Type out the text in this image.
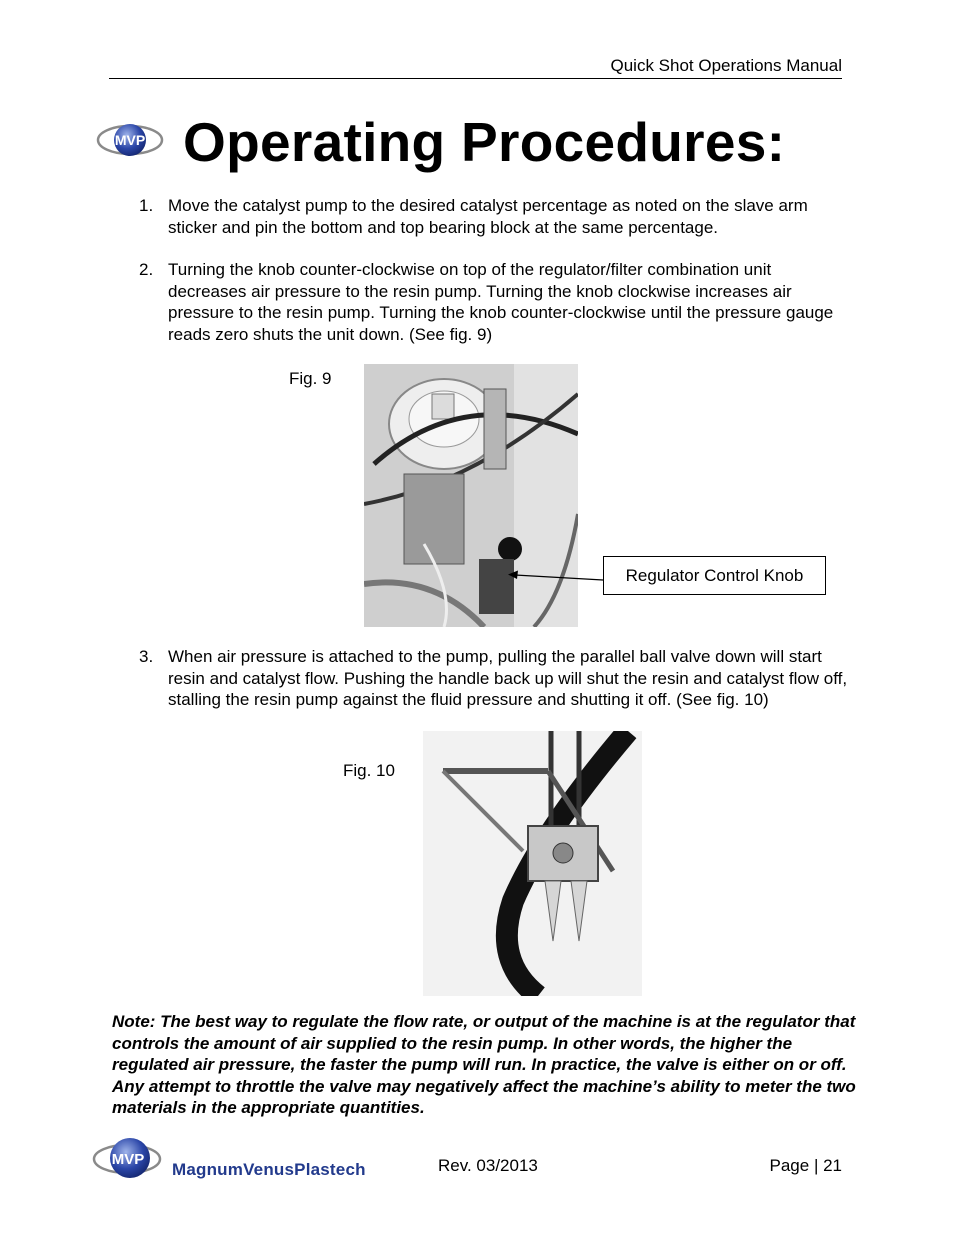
Quick Shot Operations Manual
MVP Operating Procedures:
1. Move the catalyst pump to the desired catalyst percentage as noted on the slave arm sticker and pin the bottom and top bearing block at the same percentage.
2. Turning the knob counter-clockwise on top of the regulator/filter combination unit decreases air pressure to the resin pump. Turning the knob clockwise increases air pressure to the resin pump. Turning the knob counter-clockwise until the pressure gauge reads zero shuts the unit down. (See fig. 9)
Fig. 9
Regulator Control Knob
3. When air pressure is attached to the pump, pulling the parallel ball valve down will start resin and catalyst flow. Pushing the handle back up will shut the resin and catalyst flow off, stalling the resin pump against the fluid pressure and shutting it off. (See fig. 10)
Fig. 10
Note: The best way to regulate the flow rate, or output of the machine is at the regulator that controls the amount of air supplied to the resin pump. In other words, the higher the regulated air pressure, the faster the pump will run. In practice, the valve is either on or off. Any attempt to throttle the valve may negatively affect the machine’s ability to meter the two materials in the appropriate quantities.
MVP
MagnumVenusPlastech	Rev. 03/2013	Page | 21
